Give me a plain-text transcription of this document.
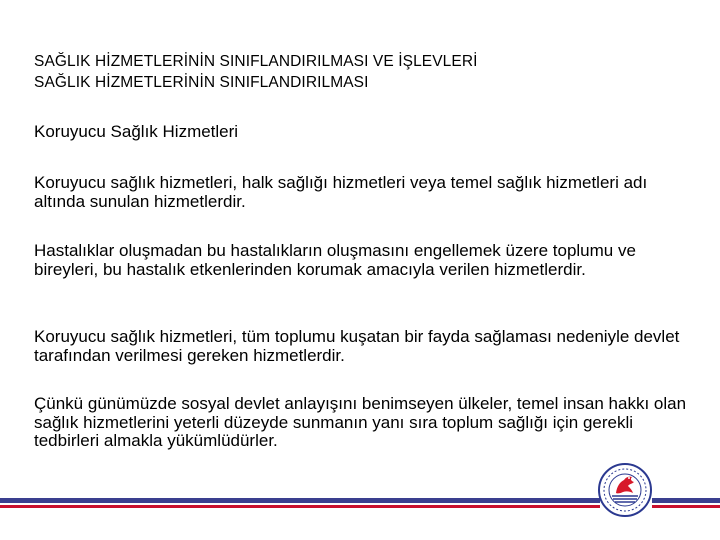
SAĞLIK HİZMETLERİNİN SINIFLANDIRILMASI VE İŞLEVLERİ
SAĞLIK HİZMETLERİNİN SINIFLANDIRILMASI
Koruyucu Sağlık Hizmetleri
Koruyucu sağlık hizmetleri, halk sağlığı hizmetleri veya temel sağlık hizmetleri adı altında sunulan hizmetlerdir.
Hastalıklar oluşmadan bu hastalıkların oluşmasını engellemek üzere toplumu ve bireyleri, bu hastalık etkenlerinden korumak amacıyla verilen hizmetlerdir.
Koruyucu sağlık hizmetleri, tüm toplumu kuşatan bir fayda sağlaması nedeniyle devlet tarafından verilmesi gereken hizmetlerdir.
Çünkü günümüzde sosyal devlet anlayışını benimseyen ülkeler, temel insan hakkı olan sağlık hizmetlerini yeterli düzeyde sunmanın yanı sıra toplum sağlığı için gerekli tedbirleri almakla yükümlüdürler.
